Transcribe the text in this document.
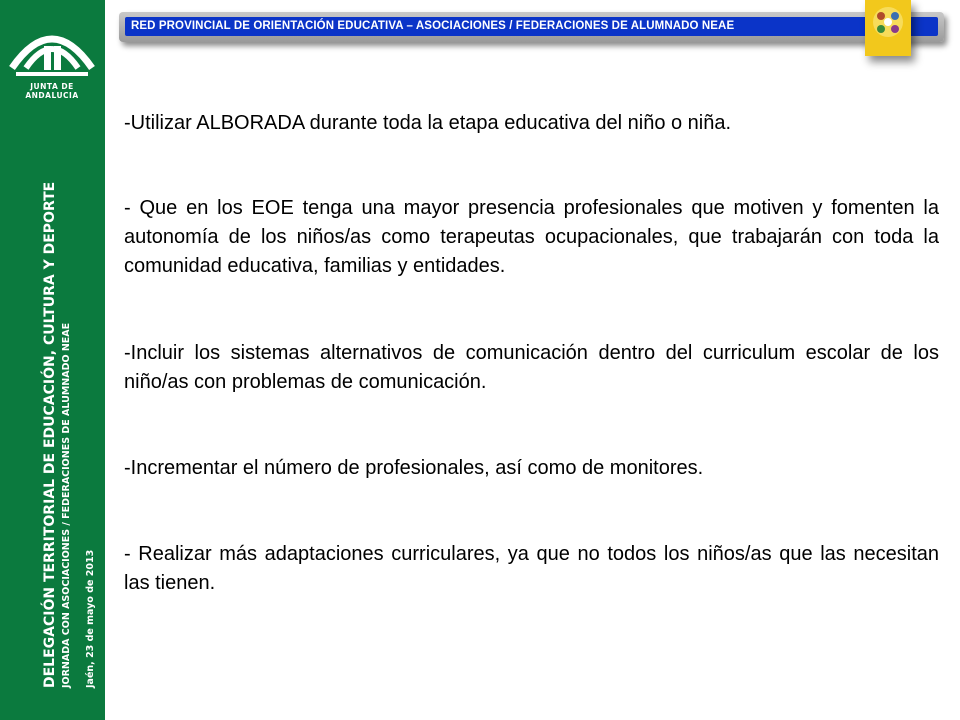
JUNTA DE ANDALUCIA
DELEGACIÓN TERRITORIAL DE EDUCACIÓN, CULTURA Y DEPORTE JORNADA CON ASOCIACIONES / FEDERACIONES DE ALUMNADO NEAE Jaén, 23 de mayo de 2013
RED PROVINCIAL DE ORIENTACIÓN EDUCATIVA – ASOCIACIONES / FEDERACIONES DE ALUMNADO NEAE

-Utilizar ALBORADA durante toda la etapa educativa del niño o niña.

- Que en los EOE tenga una mayor presencia profesionales que motiven y fomenten la autonomía de los niños/as como terapeutas ocupacionales, que trabajarán con toda la comunidad educativa, familias y entidades.

-Incluir los sistemas alternativos de comunicación dentro del curriculum escolar de los niño/as con problemas de comunicación.

-Incrementar el número de profesionales, así como de monitores.

- Realizar más adaptaciones curriculares, ya que no todos los niños/as que las necesitan las tienen.
